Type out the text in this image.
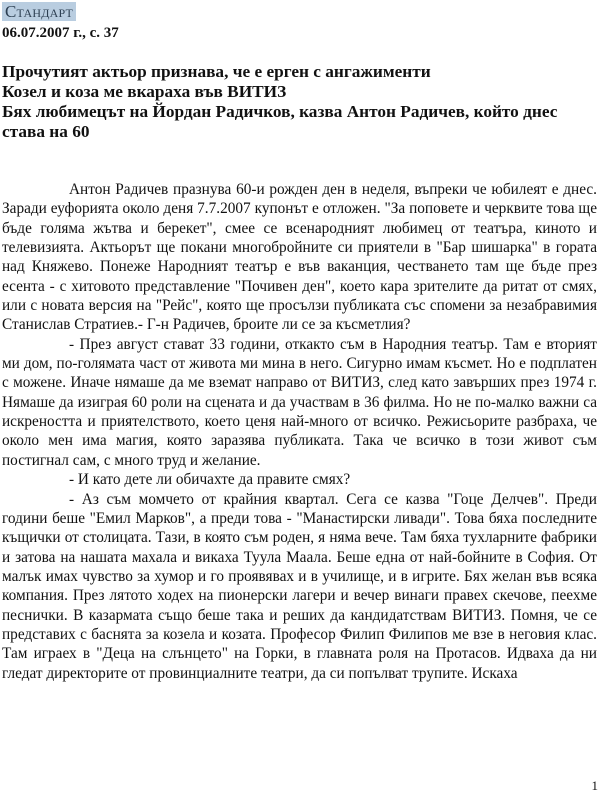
Стандарт
06.07.2007 г., с. 37
Прочутият актьор признава, че е ерген с ангажименти
Козел и коза ме вкараха във ВИТИЗ
Бях любимецът на Йордан Радичков, казва Антон Радичев, който днес става на 60

Антон Радичев празнува 60-и рожден ден в неделя, въпреки че юбилеят е днес. Заради еуфорията около деня 7.7.2007 купонът е отложен. "За поповете и черквите това ще бъде голяма жътва и берекет", смее се всенародният любимец от театъра, киното и телевизията. Актьорът ще покани многобройните си приятели в "Бар шишарка" в гората над Княжево. Понеже Народният театър е във ваканция, честването там ще бъде през есента - с хитовото представление "Почивен ден", което кара зрителите да ритат от смях, или с новата версия на "Рейс", която ще просълзи публиката със спомени за незабравимия Станислав Стратиев.- Г-н Радичев, броите ли се за късметлия?

- През август стават 33 години, откакто съм в Народния театър. Там е вторият ми дом, по-голямата част от живота ми мина в него. Сигурно имам късмет. Но е подплатен с можене. Иначе нямаше да ме вземат направо от ВИТИЗ, след като завърших през 1974 г. Нямаше да изиграя 60 роли на сцената и да участвам в 36 филма. Но не по-малко важни са искреността и приятелството, което ценя най-много от всичко. Режисьорите разбраха, че около мен има магия, която заразява публиката. Така че всичко в този живот съм постигнал сам, с много труд и желание.

- И като дете ли обичахте да правите смях?

- Аз съм момчето от крайния квартал. Сега се казва "Гоце Делчев". Преди години беше "Емил Марков", а преди това - "Манастирски ливади". Това бяха последните къщички от столицата. Тази, в която съм роден, я няма вече. Там бяха тухларните фабрики и затова на нашата махала и викаха Туула Маала. Беше една от най-бойните в София. От малък имах чувство за хумор и го проявявах и в училище, и в игрите. Бях желан във всяка компания. През лятото ходех на пионерски лагери и вечер винаги правех скечове, пеехме песнички. В казармата също беше така и реших да кандидатствам ВИТИЗ. Помня, че се представих с баснята за козела и козата. Професор Филип Филипов ме взе в неговия клас. Там играех в "Деца на слънцето" на Горки, в главната роля на Протасов. Идваха да ни гледат директорите от провинциалните театри, да си попълват трупите. Искаха

1
